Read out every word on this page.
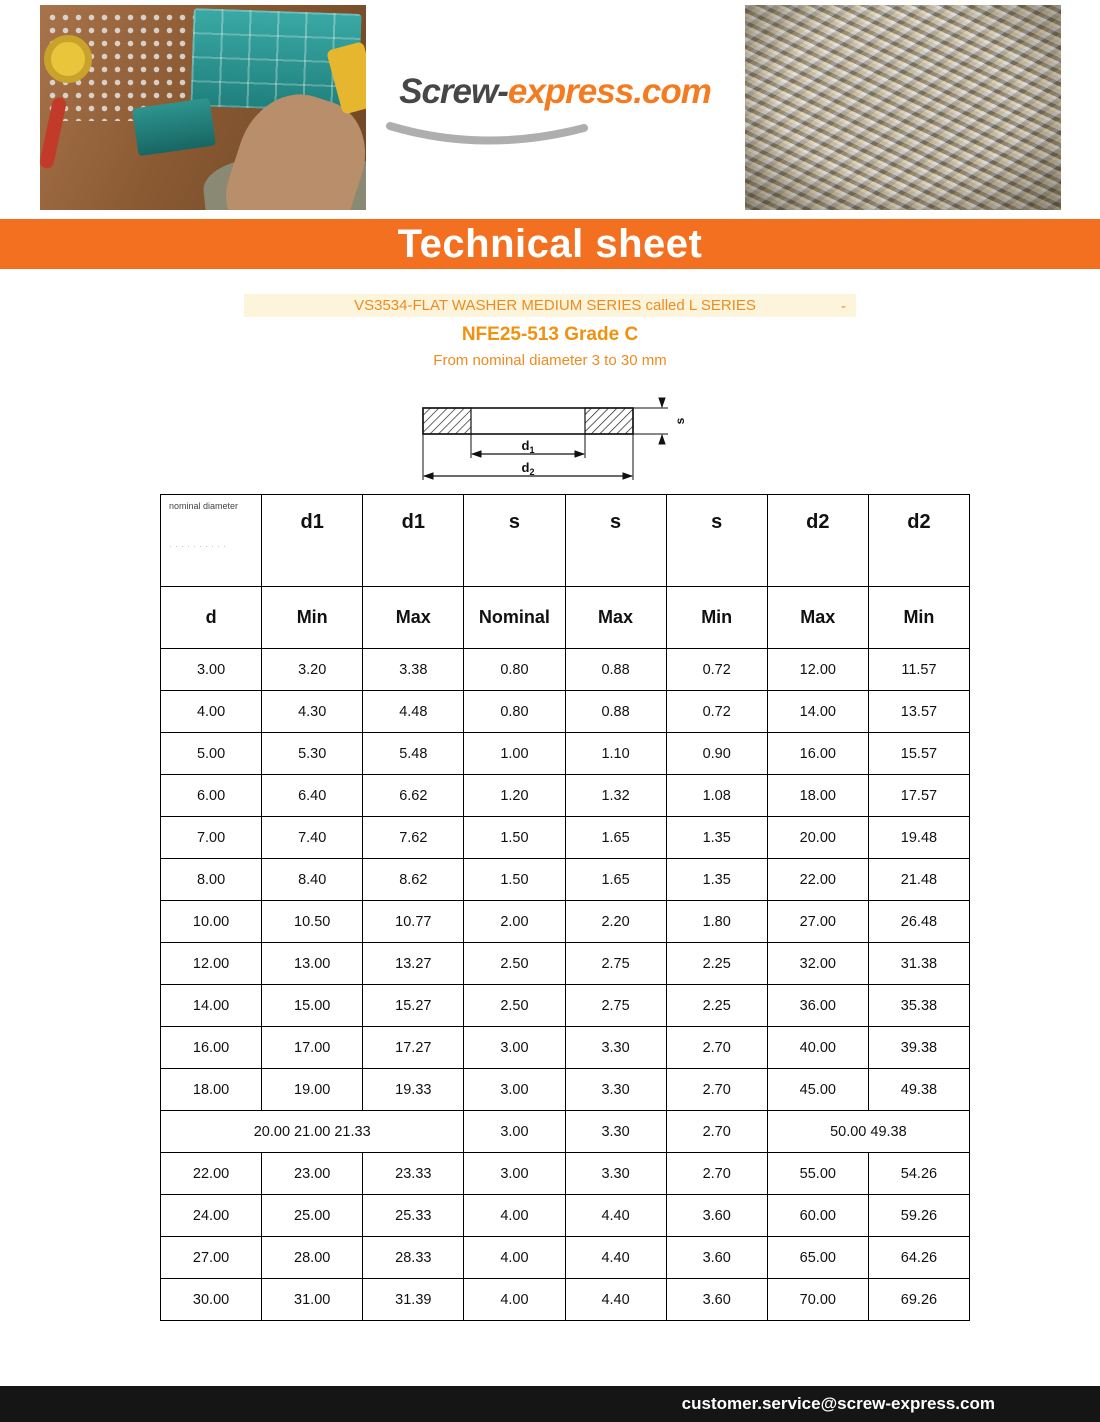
Screw-express.com
Technical sheet
VS3534-FLAT WASHER MEDIUM SERIES called L SERIES	-
NFE25-513 Grade C
From nominal diameter 3 to 30 mm
$d_1$
$d_2$
s
nominal diameter
··········	d1	d1	s	s	s	d2	d2
d	Min	Max	Nominal	Max	Min	Max	Min
3.00	3.20	3.38	0.80	0.88	0.72	12.00	11.57
4.00	4.30	4.48	0.80	0.88	0.72	14.00	13.57
5.00	5.30	5.48	1.00	1.10	0.90	16.00	15.57
6.00	6.40	6.62	1.20	1.32	1.08	18.00	17.57
7.00	7.40	7.62	1.50	1.65	1.35	20.00	19.48
8.00	8.40	8.62	1.50	1.65	1.35	22.00	21.48
10.00	10.50	10.77	2.00	2.20	1.80	27.00	26.48
12.00	13.00	13.27	2.50	2.75	2.25	32.00	31.38
14.00	15.00	15.27	2.50	2.75	2.25	36.00	35.38
16.00	17.00	17.27	3.00	3.30	2.70	40.00	39.38
18.00	19.00	19.33	3.00	3.30	2.70	45.00	49.38
20.00 21.00 21.33			3.00	3.30	2.70	50.00 49.38	
22.00	23.00	23.33	3.00	3.30	2.70	55.00	54.26
24.00	25.00	25.33	4.00	4.40	3.60	60.00	59.26
27.00	28.00	28.33	4.00	4.40	3.60	65.00	64.26
30.00	31.00	31.39	4.00	4.40	3.60	70.00	69.26
customer.service@screw-express.com
